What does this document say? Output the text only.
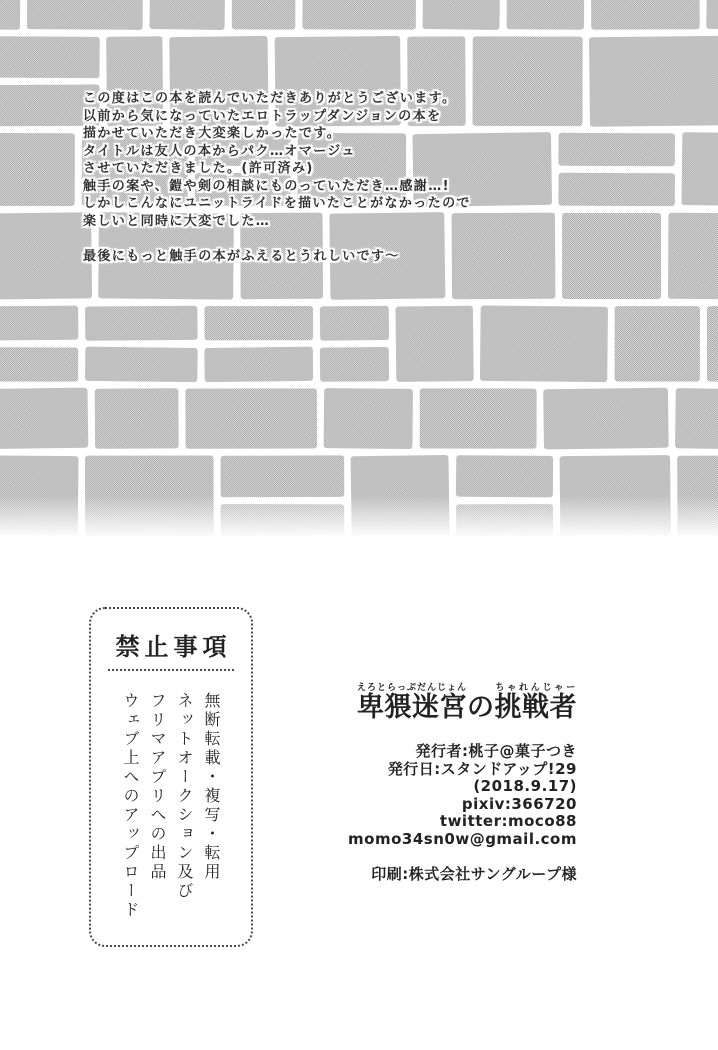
この度はこの本を読んでいただきありがとうございます。
以前から気になっていたエロトラップダンジョンの本を
描かせていただき大変楽しかったです。
タイトルは友人の本からパク…オマージュ
させていただきました。(許可済み)
触手の案や、鎧や剣の相談にものっていただき…感謝…!
しかしこんなにユニットライドを描いたことがなかったので
楽しいと同時に大変でした…
最後にもっと触手の本がふえるとうれしいです〜
禁止事項
無断転載・複写・転用
ネットオークション及び
フリマアプリへの出品
ウェブ上へのアップロード	卑猥迷宮えろとらっぷだんじょんの挑戦者ちゃれんじゃー
発行者:桃子@菓子つき
発行日:スタンドアップ!29
(2018.9.17)
pixiv:366720
twitter:moco88
momo34sn0w@gmail.com
印刷:株式会社サングループ様
